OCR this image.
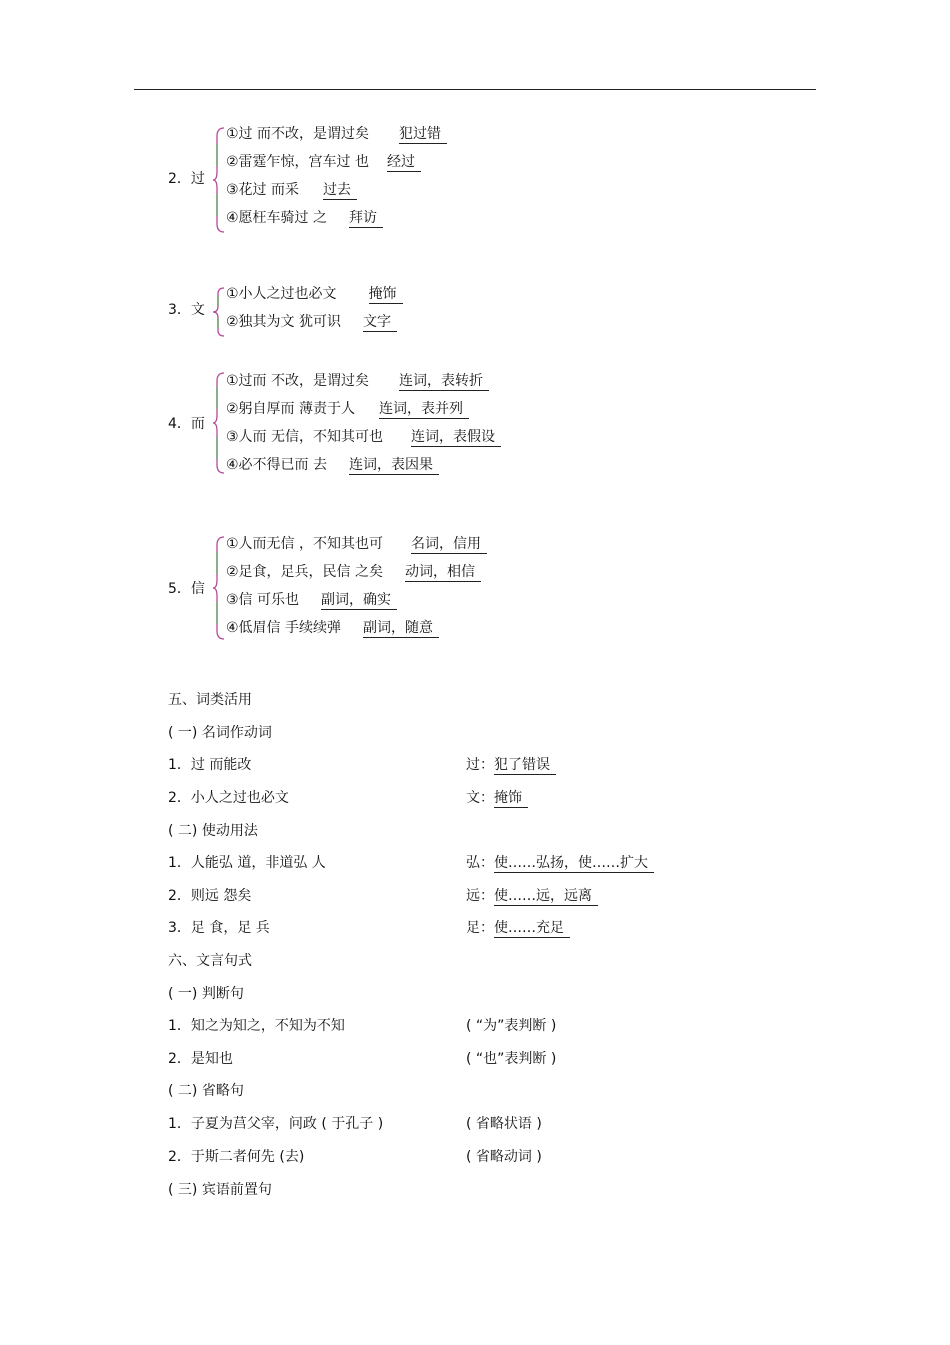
2．过
①过 而不改，是谓过矣 犯过错
②雷霆乍惊，宫车过 也 经过
③花过 而采 过去
④愿枉车骑过 之 拜访
3．文
①小人之过也必文 掩饰
②独其为文 犹可识 文字
4．而
①过而 不改，是谓过矣 连词，表转折
②躬自厚而 薄责于人 连词，表并列
③人而 无信，不知其可也 连词，表假设
④必不得已而 去 连词，表因果
5．信
①人而无信 ，不知其也可 名词，信用
②足食，足兵，民信 之矣 动词，相信
③信 可乐也 副词，确实
④低眉信 手续续弹 副词，随意
五、词类活用
( 一) 名词作动词
1．过 而能改	过：犯了错误
2．小人之过也必文	文：掩饰
( 二) 使动用法
1．人能弘 道，非道弘 人	弘：使……弘扬，使……扩大
2．则远 怨矣	远：使……远，远离
3．足 食，足 兵	足：使……充足
六、文言句式
( 一) 判断句
1．知之为知之，不知为不知	( “为”表判断 )
2．是知也	( “也”表判断 )
( 二) 省略句
1．子夏为莒父宰，问政 ( 于孔子 )	( 省略状语 )
2．于斯二者何先 (去)	( 省略动词 )
( 三) 宾语前置句
